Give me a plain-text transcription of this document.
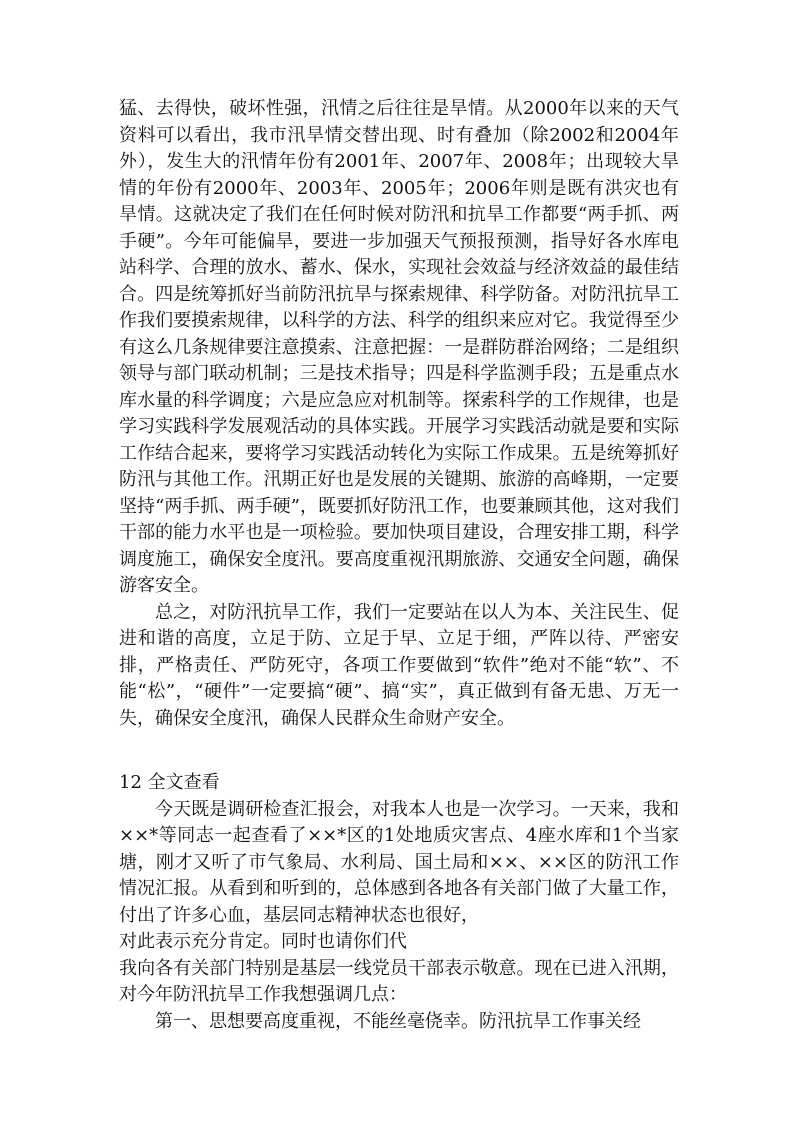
猛、去得快，破坏性强，汛情之后往往是旱情。从2000年以来的天气资料可以看出，我市汛旱情交替出现、时有叠加（除2002和2004年外），发生大的汛情年份有2001年、2007年、2008年；出现较大旱情的年份有2000年、2003年、2005年；2006年则是既有洪灾也有旱情。这就决定了我们在任何时候对防汛和抗旱工作都要“两手抓、两手硬”。今年可能偏旱，要进一步加强天气预报预测，指导好各水库电站科学、合理的放水、蓄水、保水，实现社会效益与经济效益的最佳结合。四是统筹抓好当前防汛抗旱与探索规律、科学防备。对防汛抗旱工作我们要摸索规律，以科学的方法、科学的组织来应对它。我觉得至少有这么几条规律要注意摸索、注意把握：一是群防群治网络；二是组织领导与部门联动机制；三是技术指导；四是科学监测手段；五是重点水库水量的科学调度；六是应急应对机制等。探索科学的工作规律，也是学习实践科学发展观活动的具体实践。开展学习实践活动就是要和实际工作结合起来，要将学习实践活动转化为实际工作成果。五是统筹抓好防汛与其他工作。汛期正好也是发展的关键期、旅游的高峰期，一定要坚持“两手抓、两手硬”，既要抓好防汛工作，也要兼顾其他，这对我们干部的能力水平也是一项检验。要加快项目建设，合理安排工期，科学调度施工，确保安全度汛。要高度重视汛期旅游、交通安全问题，确保游客安全。

总之，对防汛抗旱工作，我们一定要站在以人为本、关注民生、促进和谐的高度，立足于防、立足于早、立足于细，严阵以待、严密安排，严格责任、严防死守，各项工作要做到“软件”绝对不能“软”、不能“松”，“硬件”一定要搞“硬”、搞“实”，真正做到有备无患、万无一失，确保安全度汛，确保人民群众生命财产安全。

12 全文查看

今天既是调研检查汇报会，对我本人也是一次学习。一天来，我和××*等同志一起查看了××*区的1处地质灾害点、4座水库和1个当家塘，刚才又听了市气象局、水利局、国土局和××、××区的防汛工作情况汇报。从看到和听到的，总体感到各地各有关部门做了大量工作，付出了许多心血，基层同志精神状态也很好，

对此表示充分肯定。同时也请你们代

我向各有关部门特别是基层一线党员干部表示敬意。现在已进入汛期，对今年防汛抗旱工作我想强调几点：

第一、思想要高度重视，不能丝毫侥幸。防汛抗旱工作事关经
